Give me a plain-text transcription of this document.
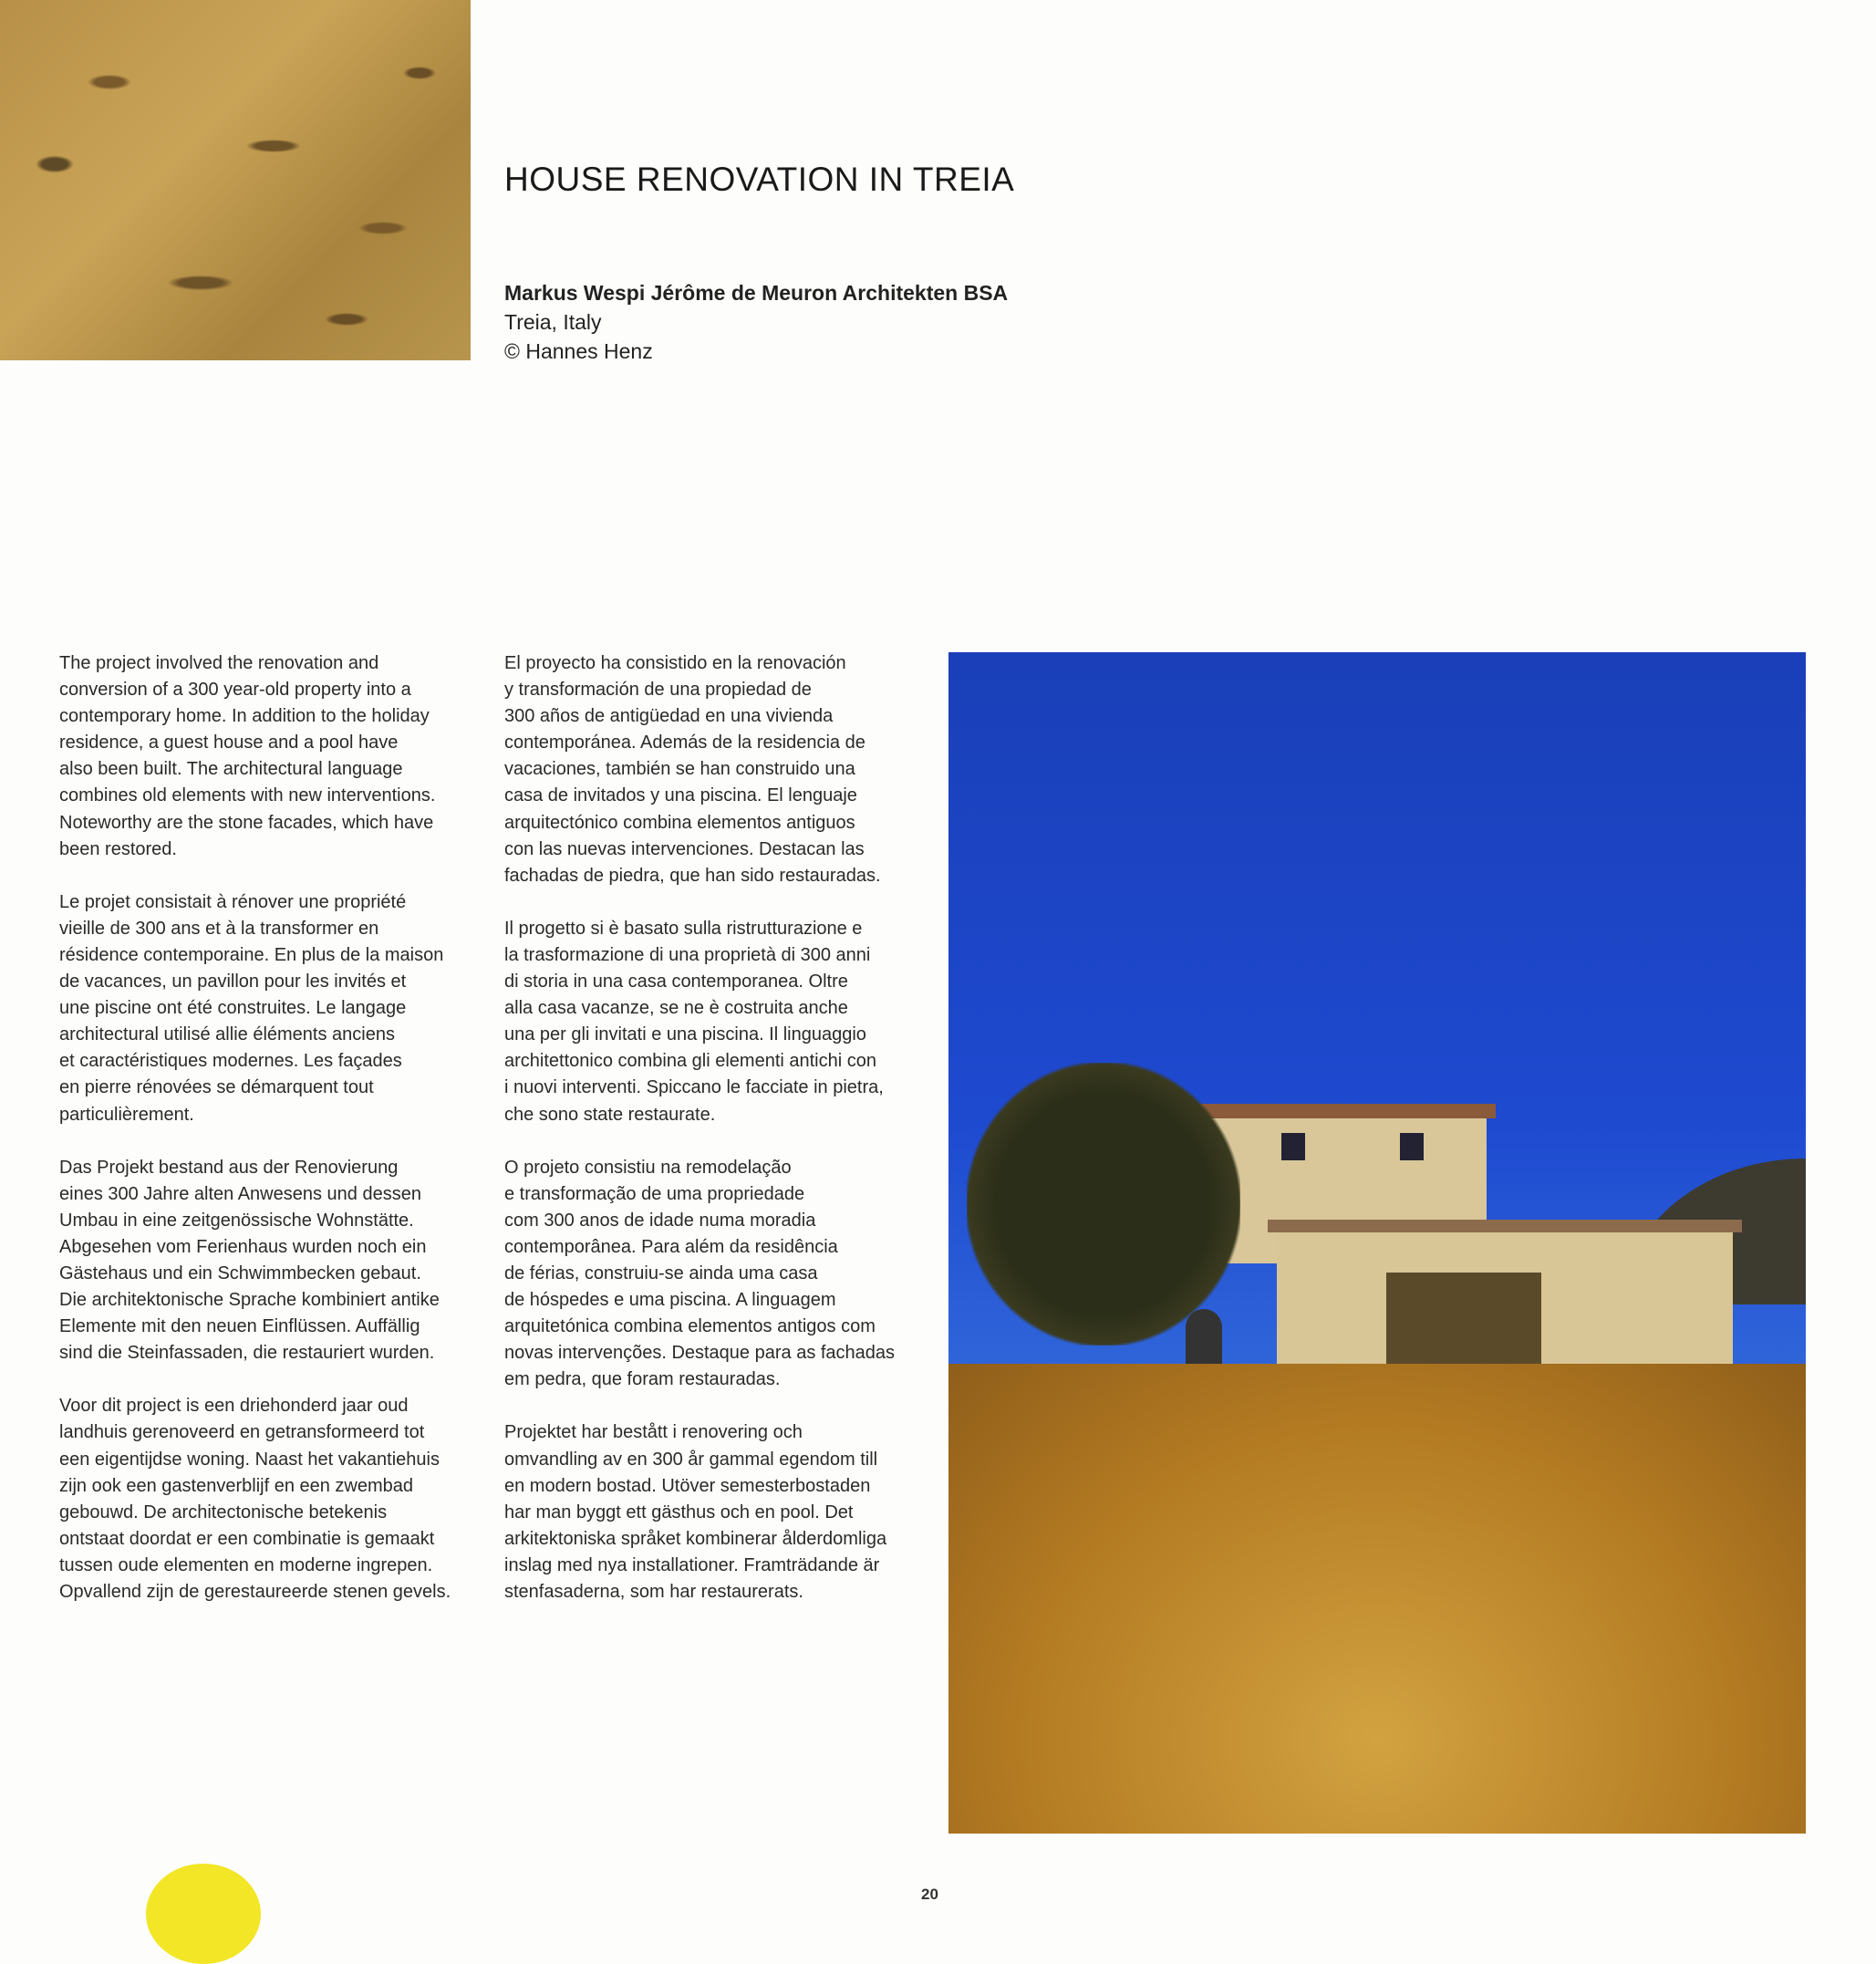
HOUSE RENOVATION IN TREIA
Markus Wespi Jérôme de Meuron Architekten BSA
Treia, Italy
© Hannes Henz
The project involved the renovation and
conversion of a 300 year-old property into a
contemporary home. In addition to the holiday
residence, a guest house and a pool have
also been built. The architectural language
combines old elements with new interventions.
Noteworthy are the stone facades, which have
been restored.
Le projet consistait à rénover une propriété
vieille de 300 ans et à la transformer en
résidence contemporaine. En plus de la maison
de vacances, un pavillon pour les invités et
une piscine ont été construites. Le langage
architectural utilisé allie éléments anciens
et caractéristiques modernes. Les façades
en pierre rénovées se démarquent tout
particulièrement.
Das Projekt bestand aus der Renovierung
eines 300 Jahre alten Anwesens und dessen
Umbau in eine zeitgenössische Wohnstätte.
Abgesehen vom Ferienhaus wurden noch ein
Gästehaus und ein Schwimmbecken gebaut.
Die architektonische Sprache kombiniert antike
Elemente mit den neuen Einflüssen. Auffällig
sind die Steinfassaden, die restauriert wurden.
Voor dit project is een driehonderd jaar oud
landhuis gerenoveerd en getransformeerd tot
een eigentijdse woning. Naast het vakantiehuis
zijn ook een gastenverblijf en een zwembad
gebouwd. De architectonische betekenis
ontstaat doordat er een combinatie is gemaakt
tussen oude elementen en moderne ingrepen.
Opvallend zijn de gerestaureerde stenen gevels.
El proyecto ha consistido en la renovación
y transformación de una propiedad de
300 años de antigüedad en una vivienda
contemporánea. Además de la residencia de
vacaciones, también se han construido una
casa de invitados y una piscina. El lenguaje
arquitectónico combina elementos antiguos
con las nuevas intervenciones. Destacan las
fachadas de piedra, que han sido restauradas.
Il progetto si è basato sulla ristrutturazione e
la trasformazione di una proprietà di 300 anni
di storia in una casa contemporanea. Oltre
alla casa vacanze, se ne è costruita anche
una per gli invitati e una piscina. Il linguaggio
architettonico combina gli elementi antichi con
i nuovi interventi. Spiccano le facciate in pietra,
che sono state restaurate.
O projeto consistiu na remodelação
e transformação de uma propriedade
com 300 anos de idade numa moradia
contemporânea. Para além da residência
de férias, construiu-se ainda uma casa
de hóspedes e uma piscina. A linguagem
arquitetónica combina elementos antigos com
novas intervenções. Destaque para as fachadas
em pedra, que foram restauradas.
Projektet har bestått i renovering och
omvandling av en 300 år gammal egendom till
en modern bostad. Utöver semesterbostaden
har man byggt ett gästhus och en pool. Det
arkitektoniska språket kombinerar ålderdomliga
inslag med nya installationer. Framträdande är
stenfasaderna, som har restaurerats.
20
